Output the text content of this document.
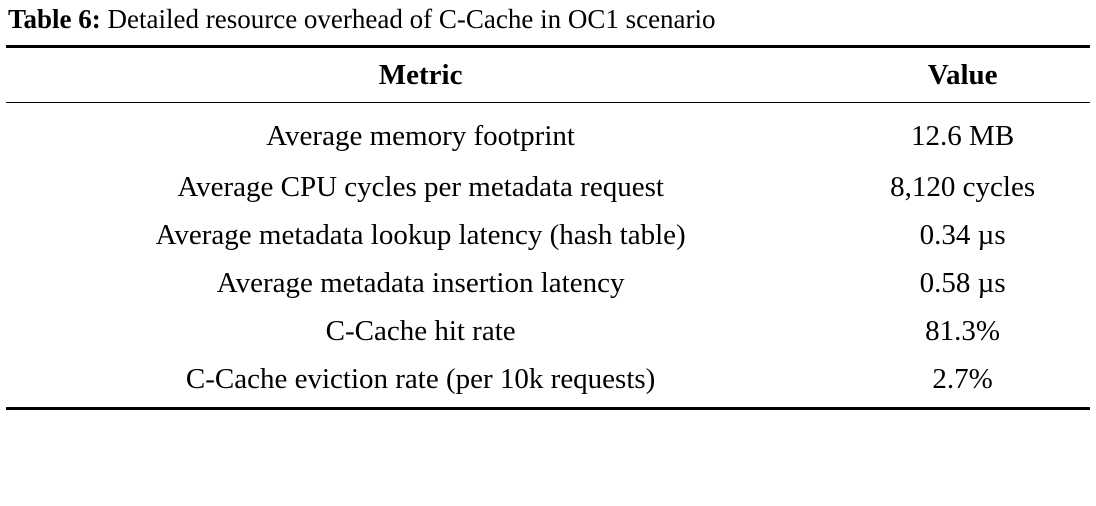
Table 6: Detailed resource overhead of C-Cache in OC1 scenario
Metric	Value
Average memory footprint	12.6 MB
Average CPU cycles per metadata request	8,120 cycles
Average metadata lookup latency (hash table)	0.34 µs
Average metadata insertion latency	0.58 µs
C-Cache hit rate	81.3%
C-Cache eviction rate (per 10k requests)	2.7%
